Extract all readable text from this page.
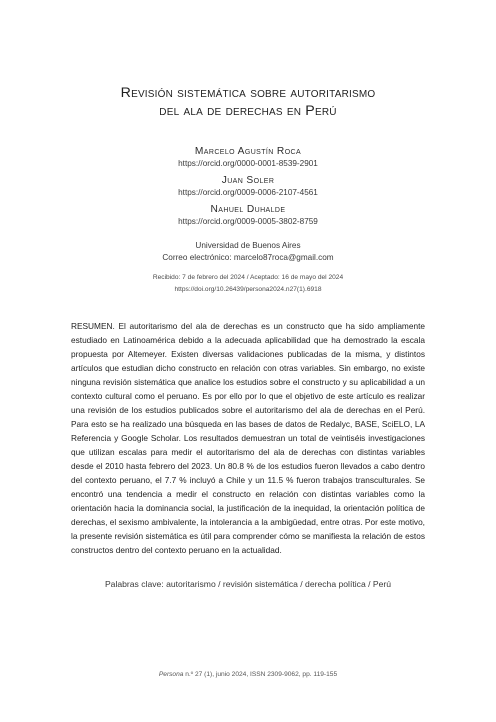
Revisión sistemática sobre autoritarismo
del ala de derechas en Perú
Marcelo Agustín Roca
https://orcid.org/0000-0001-8539-2901
Juan Soler
https://orcid.org/0009-0006-2107-4561
Nahuel Duhalde
https://orcid.org/0009-0005-3802-8759
Universidad de Buenos Aires
Correo electrónico: marcelo87roca@gmail.com
Recibido: 7 de febrero del 2024 / Aceptado: 16 de mayo del 2024
https://doi.org/10.26439/persona2024.n27(1).6918

RESUMEN. El autoritarismo del ala de derechas es un constructo que ha sido ampliamente estudiado en Latinoamérica debido a la adecuada aplicabilidad que ha demostrado la escala propuesta por Altemeyer. Existen diversas validaciones publicadas de la misma, y distintos artículos que estudian dicho constructo en relación con otras variables. Sin embargo, no existe ninguna revisión sistemática que analice los estudios sobre el constructo y su aplicabilidad a un contexto cultural como el peruano. Es por ello por lo que el objetivo de este artículo es realizar una revisión de los estudios publicados sobre el autoritarismo del ala de derechas en el Perú. Para esto se ha realizado una búsqueda en las bases de datos de Redalyc, BASE, SciELO, LA Referencia y Google Scholar. Los resultados demuestran un total de veintiséis investigaciones que utilizan escalas para medir el autoritarismo del ala de derechas con distintas variables desde el 2010 hasta febrero del 2023. Un 80.8 % de los estudios fueron llevados a cabo dentro del contexto peruano, el 7.7 % incluyó a Chile y un 11.5 % fueron trabajos transculturales. Se encontró una tendencia a medir el constructo en relación con distintas variables como la orientación hacia la dominancia social, la justificación de la inequidad, la orientación política de derechas, el sexismo ambivalente, la intolerancia a la ambigüedad, entre otras. Por este motivo, la presente revisión sistemática es útil para comprender cómo se manifiesta la relación de estos constructos dentro del contexto peruano en la actualidad.

Palabras clave: autoritarismo / revisión sistemática / derecha política / Perú
Persona n.º 27 (1), junio 2024, ISSN 2309-9062, pp. 119-155
